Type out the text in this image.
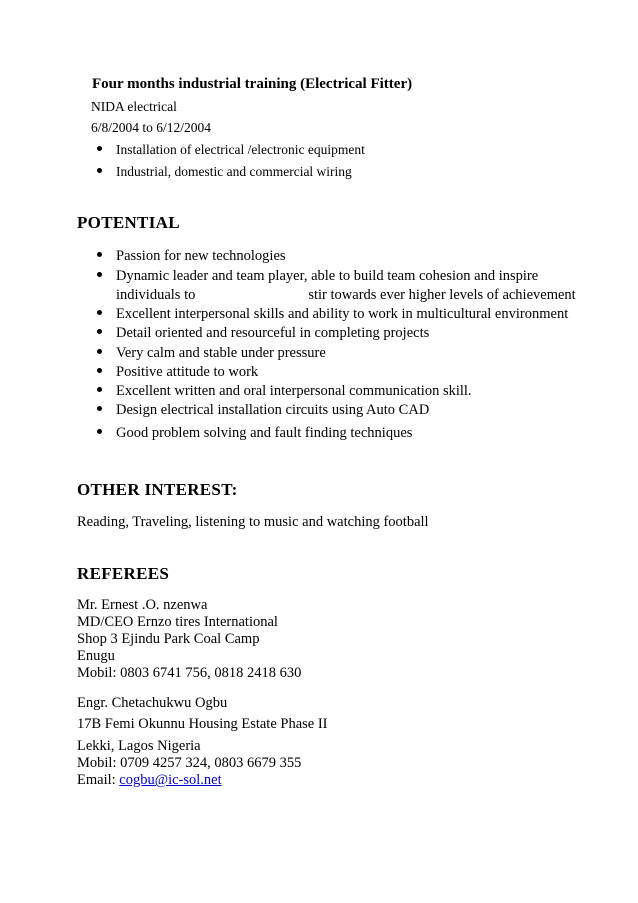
Four months industrial training (Electrical Fitter)
NIDA electrical
6/8/2004 to 6/12/2004
Installation of electrical /electronic equipment
Industrial, domestic and commercial wiring
POTENTIAL
Passion for new technologies
Dynamic leader and team player, able to build team cohesion and inspire
individuals to	stir towards ever higher levels of achievement
Excellent interpersonal skills and ability to work in multicultural environment
Detail oriented and resourceful in completing projects
Very calm and stable under pressure
Positive attitude to work
Excellent written and oral interpersonal communication skill.
Design electrical installation circuits using Auto CAD
Good problem solving and fault finding techniques
OTHER INTEREST:
Reading, Traveling, listening to music and watching football
REFEREES
Mr. Ernest .O. nzenwa
MD/CEO Ernzo tires International
Shop 3 Ejindu Park Coal Camp
Enugu
Mobil: 0803 6741 756, 0818 2418 630
Engr. Chetachukwu Ogbu
17B Femi Okunnu Housing Estate Phase II
Lekki, Lagos Nigeria
Mobil: 0709 4257 324, 0803 6679 355
Email: cogbu@ic-sol.net
